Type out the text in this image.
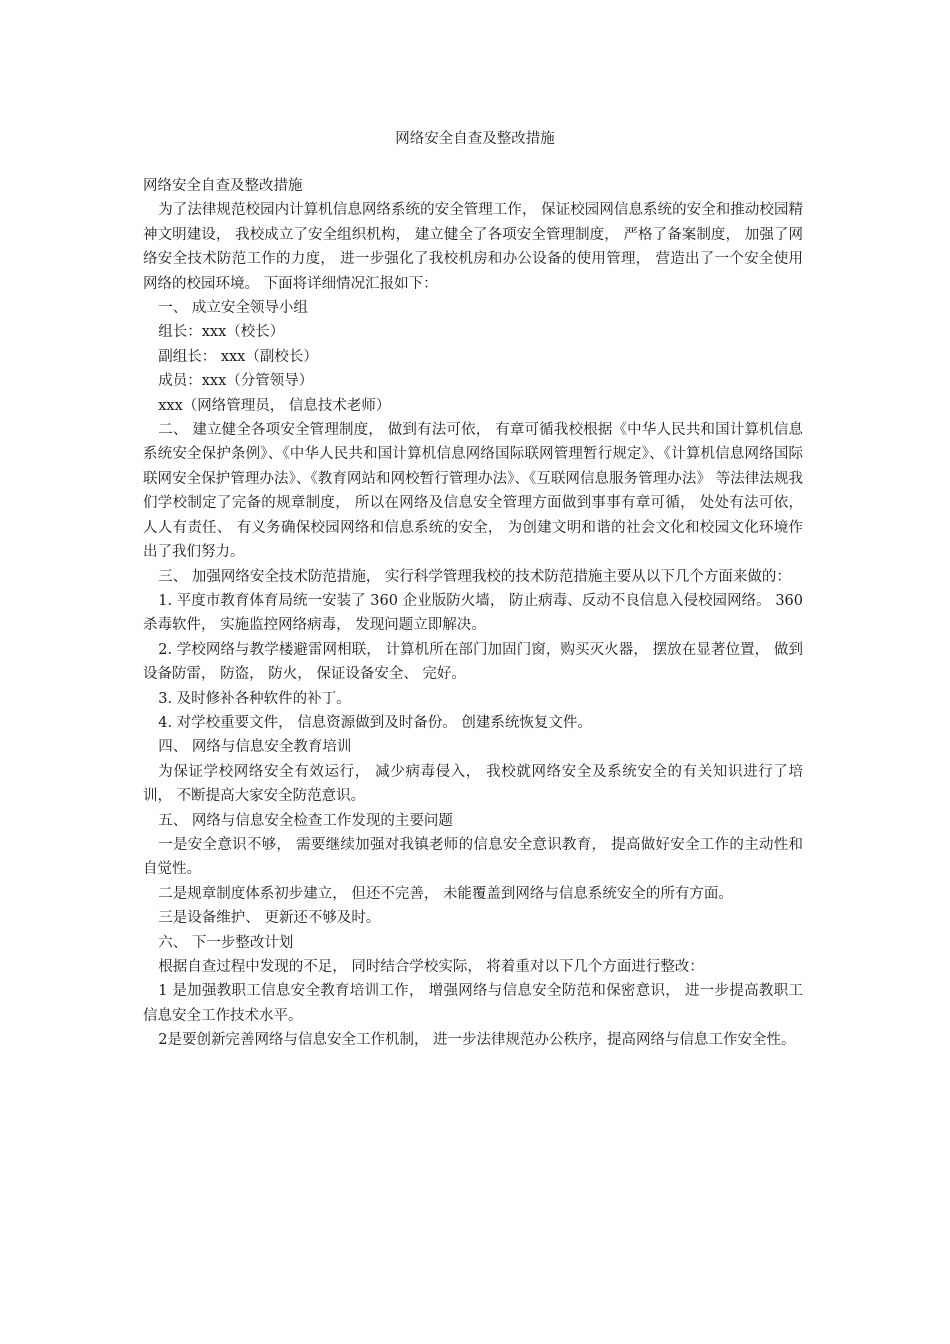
网络安全自查及整改措施

网络安全自查及整改措施

为了法律规范校园内计算机信息网络系统的安全管理工作， 保证校园网信息系统的安全和推动校园精神文明建设， 我校成立了安全组织机构， 建立健全了各项安全管理制度， 严格了备案制度， 加强了网络安全技术防范工作的力度， 进一步强化了我校机房和办公设备的使用管理， 营造出了一个安全使用网络的校园环境。 下面将详细情况汇报如下：

一、 成立安全领导小组

组长：xxx（校长）

副组长： xxx（副校长）

成员：xxx（分管领导）

xxx（网络管理员， 信息技术老师）

二、 建立健全各项安全管理制度， 做到有法可依， 有章可循我校根据《中华人民共和国计算机信息系统安全保护条例》、《中华人民共和国计算机信息网络国际联网管理暂行规定》、《计算机信息网络国际联网安全保护管理办法》、《教育网站和网校暂行管理办法》、《互联网信息服务管理办法》 等法律法规我们学校制定了完备的规章制度， 所以在网络及信息安全管理方面做到事事有章可循， 处处有法可依， 人人有责任、 有义务确保校园网络和信息系统的安全， 为创建文明和谐的社会文化和校园文化环境作出了我们努力。

三、 加强网络安全技术防范措施， 实行科学管理我校的技术防范措施主要从以下几个方面来做的：

1. 平度市教育体育局统一安装了 360 企业版防火墙， 防止病毒、反动不良信息入侵校园网络。 360 杀毒软件， 实施监控网络病毒， 发现问题立即解决。

2. 学校网络与教学楼避雷网相联， 计算机所在部门加固门窗，购买灭火器， 摆放在显著位置， 做到设备防雷， 防盗， 防火， 保证设备安全、 完好。

3. 及时修补各种软件的补丁。

4. 对学校重要文件， 信息资源做到及时备份。 创建系统恢复文件。

四、 网络与信息安全教育培训

为保证学校网络安全有效运行， 减少病毒侵入， 我校就网络安全及系统安全的有关知识进行了培训， 不断提高大家安全防范意识。

五、 网络与信息安全检查工作发现的主要问题

一是安全意识不够， 需要继续加强对我镇老师的信息安全意识教育， 提高做好安全工作的主动性和自觉性。

二是规章制度体系初步建立， 但还不完善， 未能覆盖到网络与信息系统安全的所有方面。

三是设备维护、 更新还不够及时。

六、 下一步整改计划

根据自查过程中发现的不足， 同时结合学校实际， 将着重对以下几个方面进行整改：

1 是加强教职工信息安全教育培训工作， 增强网络与信息安全防范和保密意识， 进一步提高教职工信息安全工作技术水平。

2是要创新完善网络与信息安全工作机制， 进一步法律规范办公秩序，提高网络与信息工作安全性。
